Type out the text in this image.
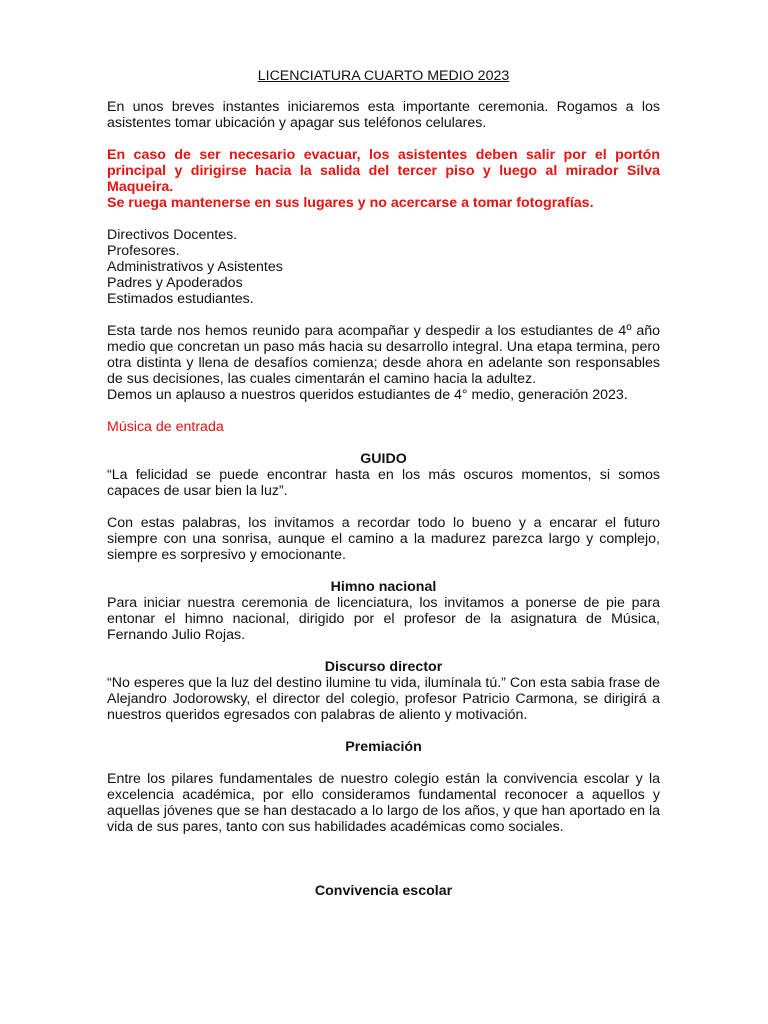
LICENCIATURA CUARTO MEDIO 2023

En unos breves instantes iniciaremos esta importante ceremonia. Rogamos a los asistentes tomar ubicación y apagar sus teléfonos celulares.

En caso de ser necesario evacuar, los asistentes deben salir por el portón principal y dirigirse hacia la salida del tercer piso y luego al mirador Silva Maqueira.
Se ruega mantenerse en sus lugares y no acercarse a tomar fotografías.
Directivos Docentes.
Profesores.
Administrativos y Asistentes
Padres y Apoderados
Estimados estudiantes.

Esta tarde nos hemos reunido para acompañar y despedir a los estudiantes de 4º año medio que concretan un paso más hacia su desarrollo integral. Una etapa termina, pero otra distinta y llena de desafíos comienza; desde ahora en adelante son responsables de sus decisiones, las cuales cimentarán el camino hacia la adultez.

Demos un aplauso a nuestros queridos estudiantes de 4° medio, generación 2023.

Música de entrada

GUIDO

“La felicidad se puede encontrar hasta en los más oscuros momentos, si somos capaces de usar bien la luz”.

Con estas palabras, los invitamos a recordar todo lo bueno y a encarar el futuro siempre con una sonrisa, aunque el camino a la madurez parezca largo y complejo, siempre es sorpresivo y emocionante.

Himno nacional

Para iniciar nuestra ceremonia de licenciatura, los invitamos a ponerse de pie para entonar el himno nacional, dirigido por el profesor de la asignatura de Música, Fernando Julio Rojas.

Discurso director

“No esperes que la luz del destino ilumine tu vida, ilumínala tú.” Con esta sabia frase de Alejandro Jodorowsky, el director del colegio, profesor Patricio Carmona, se dirigirá a nuestros queridos egresados con palabras de aliento y motivación.

Premiación

Entre los pilares fundamentales de nuestro colegio están la convivencia escolar y la excelencia académica, por ello consideramos fundamental reconocer a aquellos y aquellas jóvenes que se han destacado a lo largo de los años, y que han aportado en la vida de sus pares, tanto con sus habilidades académicas como sociales.

Convivencia escolar
